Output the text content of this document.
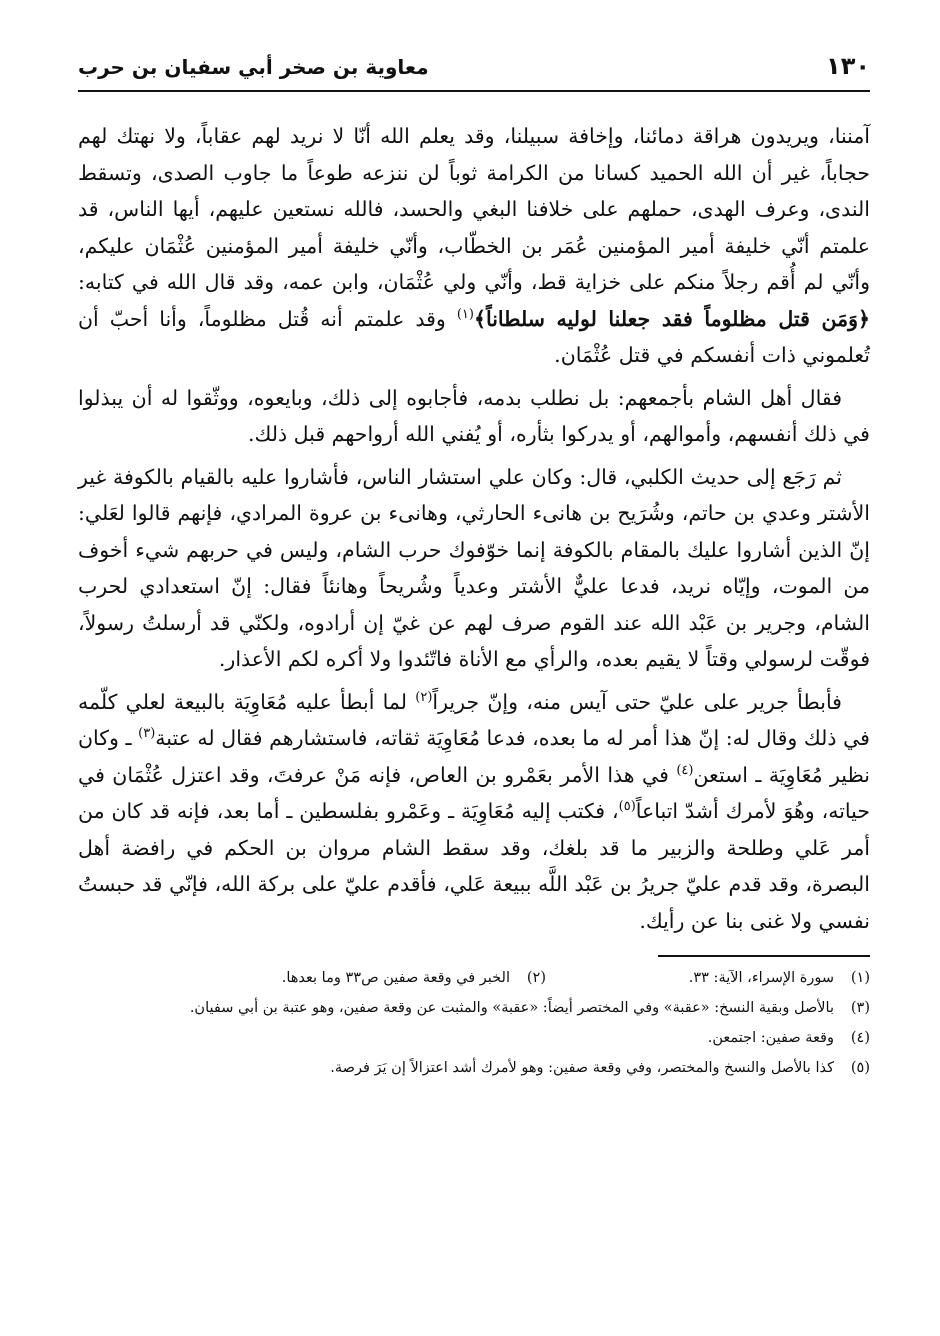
١٣٠
معاوية بن صخر أبي سفيان بن حرب

آمننا، ويريدون هراقة دمائنا، وإخافة سبيلنا، وقد يعلم الله أنّا لا نريد لهم عقاباً، ولا نهتك لهم حجاباً، غير أن الله الحميد كسانا من الكرامة ثوباً لن ننزعه طوعاً ما جاوب الصدى، وتسقط الندى، وعرف الهدى، حملهم على خلافنا البغي والحسد، فالله نستعين عليهم، أيها الناس، قد علمتم أنّي خليفة أمير المؤمنين عُمَر بن الخطّاب، وأنّي خليفة أمير المؤمنين عُثْمَان عليكم، وأنّي لم أُقم رجلاً منكم على خزاية قط، وأنّي ولي عُثْمَان، وابن عمه، وقد قال الله في كتابه: ﴿وَمَن قتل مظلوماً فقد جعلنا لوليه سلطاناً﴾$^{(١)}$ وقد علمتم أنه قُتل مظلوماً، وأنا أحبّ أن تُعلموني ذات أنفسكم في قتل عُثْمَان.

فقال أهل الشام بأجمعهم: بل نطلب بدمه، فأجابوه إلى ذلك، وبايعوه، ووثّقوا له أن يبذلوا في ذلك أنفسهم، وأموالهم، أو يدركوا بثأره، أو يُفني الله أرواحهم قبل ذلك.

ثم رَجَع إلى حديث الكلبي، قال: وكان علي استشار الناس، فأشاروا عليه بالقيام بالكوفة غير الأشتر وعدي بن حاتم، وشُرَيح بن هانىء الحارثي، وهانىء بن عروة المرادي، فإنهم قالوا لعَلي: إنّ الذين أشاروا عليك بالمقام بالكوفة إنما خوّفوك حرب الشام، وليس في حربهم شيء أخوف من الموت، وإيّاه نريد، فدعا عليٌّ الأشتر وعدياً وشُريحاً وهانئاً فقال: إنّ استعدادي لحرب الشام، وجرير بن عَبْد الله عند القوم صرف لهم عن غيّ إن أرادوه، ولكنّي قد أرسلتُ رسولاً، فوقّت لرسولي وقتاً لا يقيم بعده، والرأي مع الأناة فاتّئدوا ولا أكره لكم الأعذار.

فأبطأ جرير على عليّ حتى آيس منه، وإنّ جريراً$^{(٢)}$ لما أبطأ عليه مُعَاوِيَة بالبيعة لعلي كلّمه في ذلك وقال له: إنّ هذا أمر له ما بعده، فدعا مُعَاوِيَة ثقاته، فاستشارهم فقال له عتبة$^{(٣)}$ ـ وكان نظير مُعَاوِيَة ـ استعن$^{(٤)}$ في هذا الأمر بعَمْرو بن العاص، فإنه مَنْ عرفتَ، وقد اعتزل عُثْمَان في حياته، وهُوَ لأمرك أشدّ اتباعاً$^{(٥)}$، فكتب إليه مُعَاوِيَة ـ وعَمْرو بفلسطين ـ أما بعد، فإنه قد كان من أمر عَلي وطلحة والزبير ما قد بلغك، وقد سقط الشام مروان بن الحكم في رافضة أهل البصرة، وقد قدم عليّ جريرُ بن عَبْد اللَّه ببيعة عَلي، فأقدم عليّ على بركة الله، فإنّي قد حبستُ نفسي ولا غنى بنا عن رأيك.

(١)
سورة الإسراء، الآية: ٣٣.
(٢)
الخبر في وقعة صفين ص٣٣ وما بعدها.
(٣)
بالأصل وبقية النسخ: «عقبة» وفي المختصر أيضاً: «عقبة» والمثبت عن وقعة صفين، وهو عتبة بن أبي سفيان.
(٤)
وقعة صفين: اجتمعن.
(٥)
كذا بالأصل والنسخ والمختصر، وفي وقعة صفين: وهو لأمرك أشد اعتزالاً إن يَرَ فرصة.
